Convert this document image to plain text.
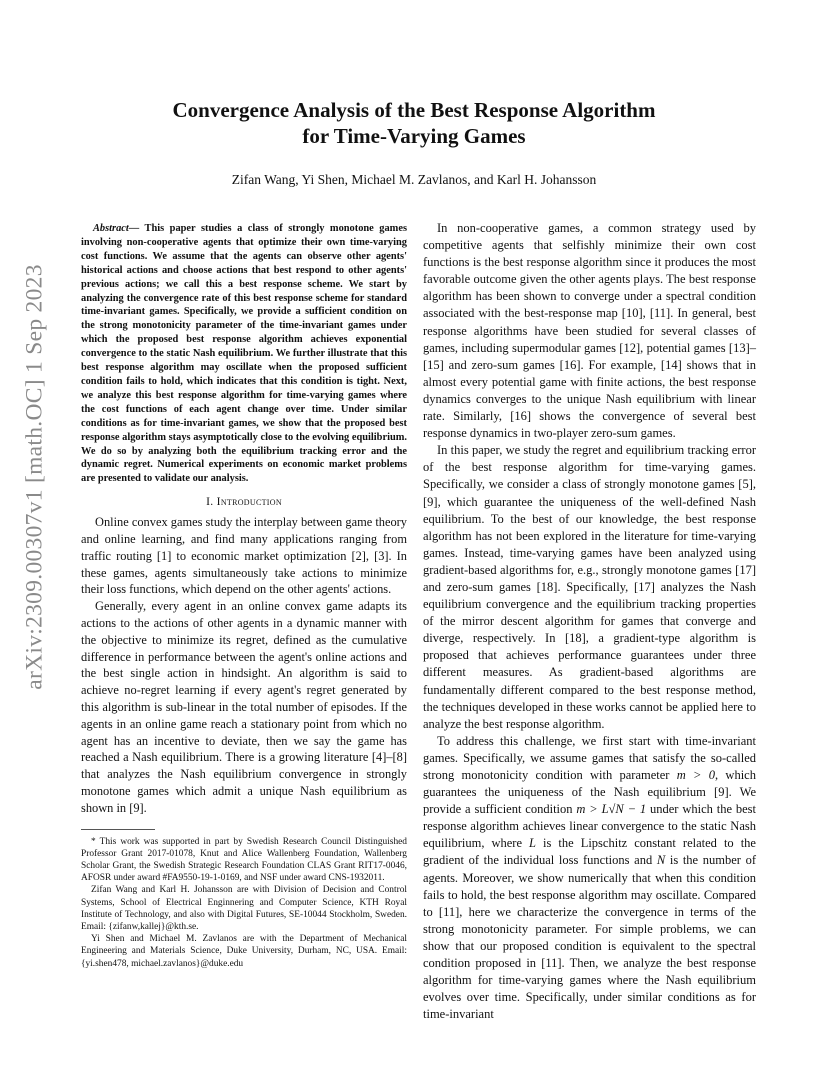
arXiv:2309.00307v1 [math.OC] 1 Sep 2023
Convergence Analysis of the Best Response Algorithm
for Time-Varying Games
Zifan Wang, Yi Shen, Michael M. Zavlanos, and Karl H. Johansson

Abstract— This paper studies a class of strongly monotone games involving non-cooperative agents that optimize their own time-varying cost functions. We assume that the agents can observe other agents' historical actions and choose actions that best respond to other agents' previous actions; we call this a best response scheme. We start by analyzing the convergence rate of this best response scheme for standard time-invariant games. Specifically, we provide a sufficient condition on the strong monotonicity parameter of the time-invariant games under which the proposed best response algorithm achieves exponential convergence to the static Nash equilibrium. We further illustrate that this best response algorithm may oscillate when the proposed sufficient condition fails to hold, which indicates that this condition is tight. Next, we analyze this best response algorithm for time-varying games where the cost functions of each agent change over time. Under similar conditions as for time-invariant games, we show that the proposed best response algorithm stays asymptotically close to the evolving equilibrium. We do so by analyzing both the equilibrium tracking error and the dynamic regret. Numerical experiments on economic market problems are presented to validate our analysis.

I. Introduction

Online convex games study the interplay between game theory and online learning, and find many applications ranging from traffic routing [1] to economic market optimization [2], [3]. In these games, agents simultaneously take actions to minimize their loss functions, which depend on the other agents' actions.

Generally, every agent in an online convex game adapts its actions to the actions of other agents in a dynamic manner with the objective to minimize its regret, defined as the cumulative difference in performance between the agent's online actions and the best single action in hindsight. An algorithm is said to achieve no-regret learning if every agent's regret generated by this algorithm is sub-linear in the total number of episodes. If the agents in an online game reach a stationary point from which no agent has an incentive to deviate, then we say the game has reached a Nash equilibrium. There is a growing literature [4]–[8] that analyzes the Nash equilibrium convergence in strongly monotone games which admit a unique Nash equilibrium as shown in [9].

* This work was supported in part by Swedish Research Council Distinguished Professor Grant 2017-01078, Knut and Alice Wallenberg Foundation, Wallenberg Scholar Grant, the Swedish Strategic Research Foundation CLAS Grant RIT17-0046, AFOSR under award #FA9550-19-1-0169, and NSF under award CNS-1932011.

Zifan Wang and Karl H. Johansson are with Division of Decision and Control Systems, School of Electrical Enginnering and Computer Science, KTH Royal Institute of Technology, and also with Digital Futures, SE-10044 Stockholm, Sweden. Email: {zifanw,kallej}@kth.se.

Yi Shen and Michael M. Zavlanos are with the Department of Mechanical Engineering and Materials Science, Duke University, Durham, NC, USA. Email: {yi.shen478, michael.zavlanos}@duke.edu

In non-cooperative games, a common strategy used by competitive agents that selfishly minimize their own cost functions is the best response algorithm since it produces the most favorable outcome given the other agents plays. The best response algorithm has been shown to converge under a spectral condition associated with the best-response map [10], [11]. In general, best response algorithms have been studied for several classes of games, including supermodular games [12], potential games [13]–[15] and zero-sum games [16]. For example, [14] shows that in almost every potential game with finite actions, the best response dynamics converges to the unique Nash equilibrium with linear rate. Similarly, [16] shows the convergence of several best response dynamics in two-player zero-sum games.

In this paper, we study the regret and equilibrium tracking error of the best response algorithm for time-varying games. Specifically, we consider a class of strongly monotone games [5], [9], which guarantee the uniqueness of the well-defined Nash equilibrium. To the best of our knowledge, the best response algorithm has not been explored in the literature for time-varying games. Instead, time-varying games have been analyzed using gradient-based algorithms for, e.g., strongly monotone games [17] and zero-sum games [18]. Specifically, [17] analyzes the Nash equilibrium convergence and the equilibrium tracking properties of the mirror descent algorithm for games that converge and diverge, respectively. In [18], a gradient-type algorithm is proposed that achieves performance guarantees under three different measures. As gradient-based algorithms are fundamentally different compared to the best response method, the techniques developed in these works cannot be applied here to analyze the best response algorithm.

To address this challenge, we first start with time-invariant games. Specifically, we assume games that satisfy the so-called strong monotonicity condition with parameter m > 0, which guarantees the uniqueness of the Nash equilibrium [9]. We provide a sufficient condition m > L√N − 1 under which the best response algorithm achieves linear convergence to the static Nash equilibrium, where L is the Lipschitz constant related to the gradient of the individual loss functions and N is the number of agents. Moreover, we show numerically that when this condition fails to hold, the best response algorithm may oscillate. Compared to [11], here we characterize the convergence in terms of the strong monotonicity parameter. For simple problems, we can show that our proposed condition is equivalent to the spectral condition proposed in [11]. Then, we analyze the best response algorithm for time-varying games where the Nash equilibrium evolves over time. Specifically, under similar conditions as for time-invariant
